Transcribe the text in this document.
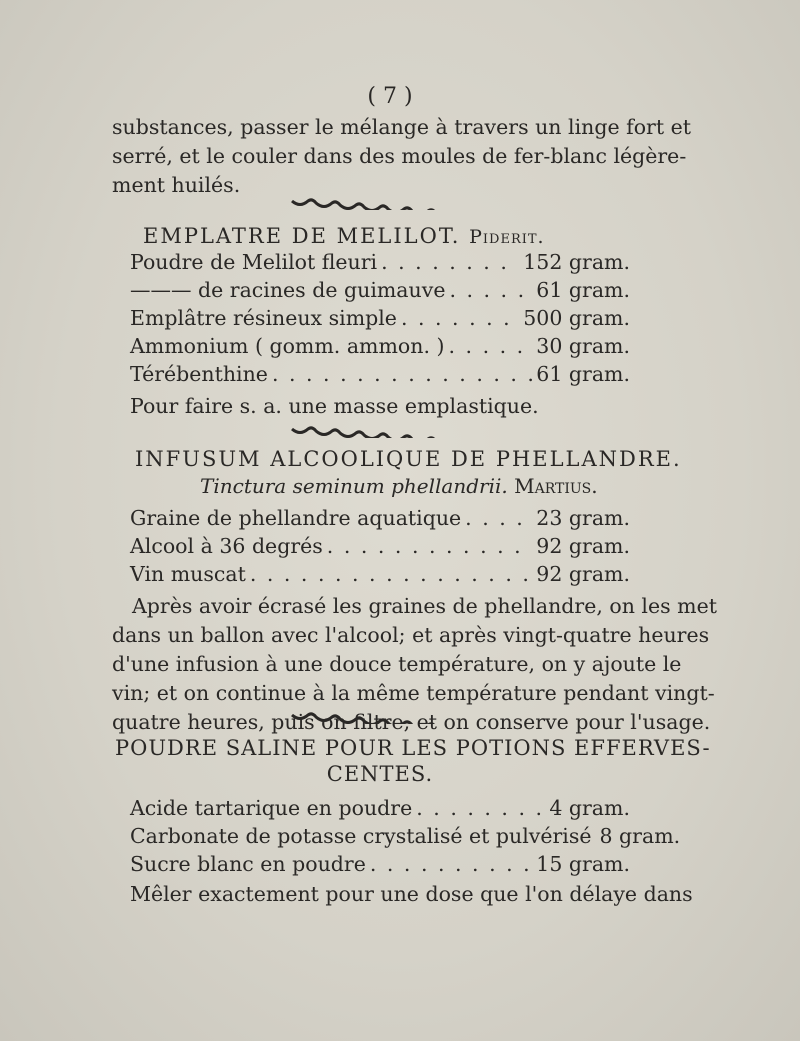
( 7 )
substances, passer le mélange à travers un linge fort et
serré, et le couler dans des moules de fer-blanc légère-
ment huilés.
EMPLATRE DE MELILOT. Piderit.
Poudre de Melilot fleuri . . .	152 gram.
——— de racines de guimauve . . .	61 gram.
Emplâtre résineux simple . . .	500 gram.
Ammonium ( gomm. ammon. ) . . .	30 gram.
Térébenthine . . .	61 gram.
Pour faire s. a. une masse emplastique.
INFUSUM ALCOOLIQUE DE PHELLANDRE.
Tinctura seminum phellandrii. Martius.
Graine de phellandre aquatique . . .	23 gram.
Alcool à 36 degrés . . .	92 gram.
Vin muscat . . .	92 gram.
Après avoir écrasé les graines de phellandre, on les met
dans un ballon avec l'alcool; et après vingt-quatre heures
d'une infusion à une douce température, on y ajoute le
vin; et on continue à la même température pendant vingt-
quatre heures, puis on filtre, et on conserve pour l'usage.
POUDRE SALINE POUR LES POTIONS EFFERVES-
CENTES.
Acide tartarique en poudre . . .	4 gram.
Carbonate de potasse crystalisé et pulvérisé 8 gram.
Sucre blanc en poudre . . .	15 gram.
Mêler exactement pour une dose que l'on délaye dans
